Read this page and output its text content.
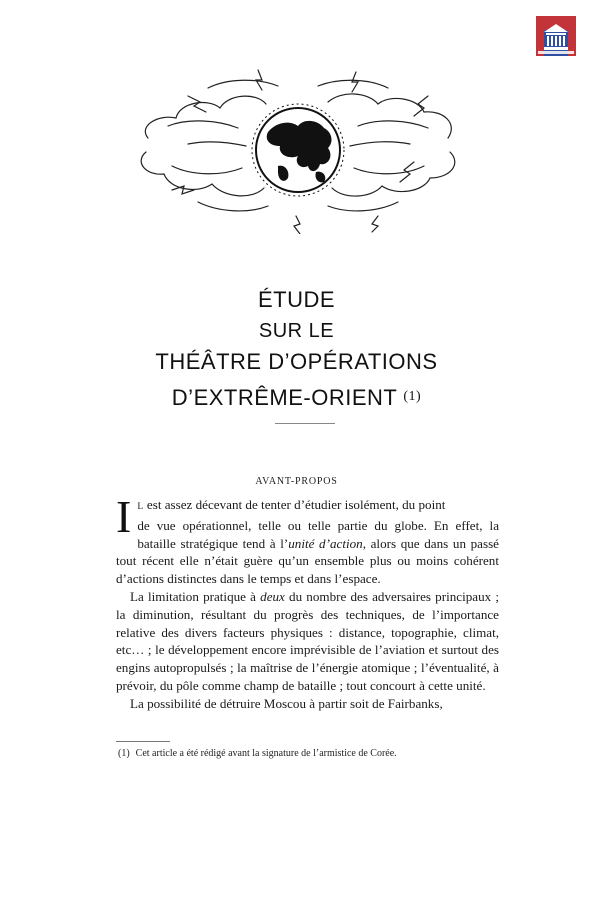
ÉTUDE
SUR LE
THÉÂTRE D’OPÉRATIONS
D’EXTRÊME-ORIENT $^{(1)}$
AVANT-PROPOS

I L est assez décevant de tenter d’étudier isolément, du point
de vue opérationnel, telle ou telle partie du globe. En effet, la bataille stratégique tend à l’unité d’action, alors que dans un passé tout récent elle n’était guère qu’un ensemble plus ou moins cohérent d’actions distinctes dans le temps et dans l’espace.

La limitation pratique à deux du nombre des adversaires principaux ; la diminution, résultant du progrès des techniques, de l’importance relative des divers facteurs physiques : distance, topographie, climat, etc… ; le développement encore imprévisible de l’aviation et surtout des engins autopropulsés ; la maîtrise de l’énergie atomique ; l’éventualité, à prévoir, du pôle comme champ de bataille ; tout concourt à cette unité.

La possibilité de détruire Moscou à partir soit de Fairbanks,

(1) Cet article a été rédigé avant la signature de l’armistice de Corée.
